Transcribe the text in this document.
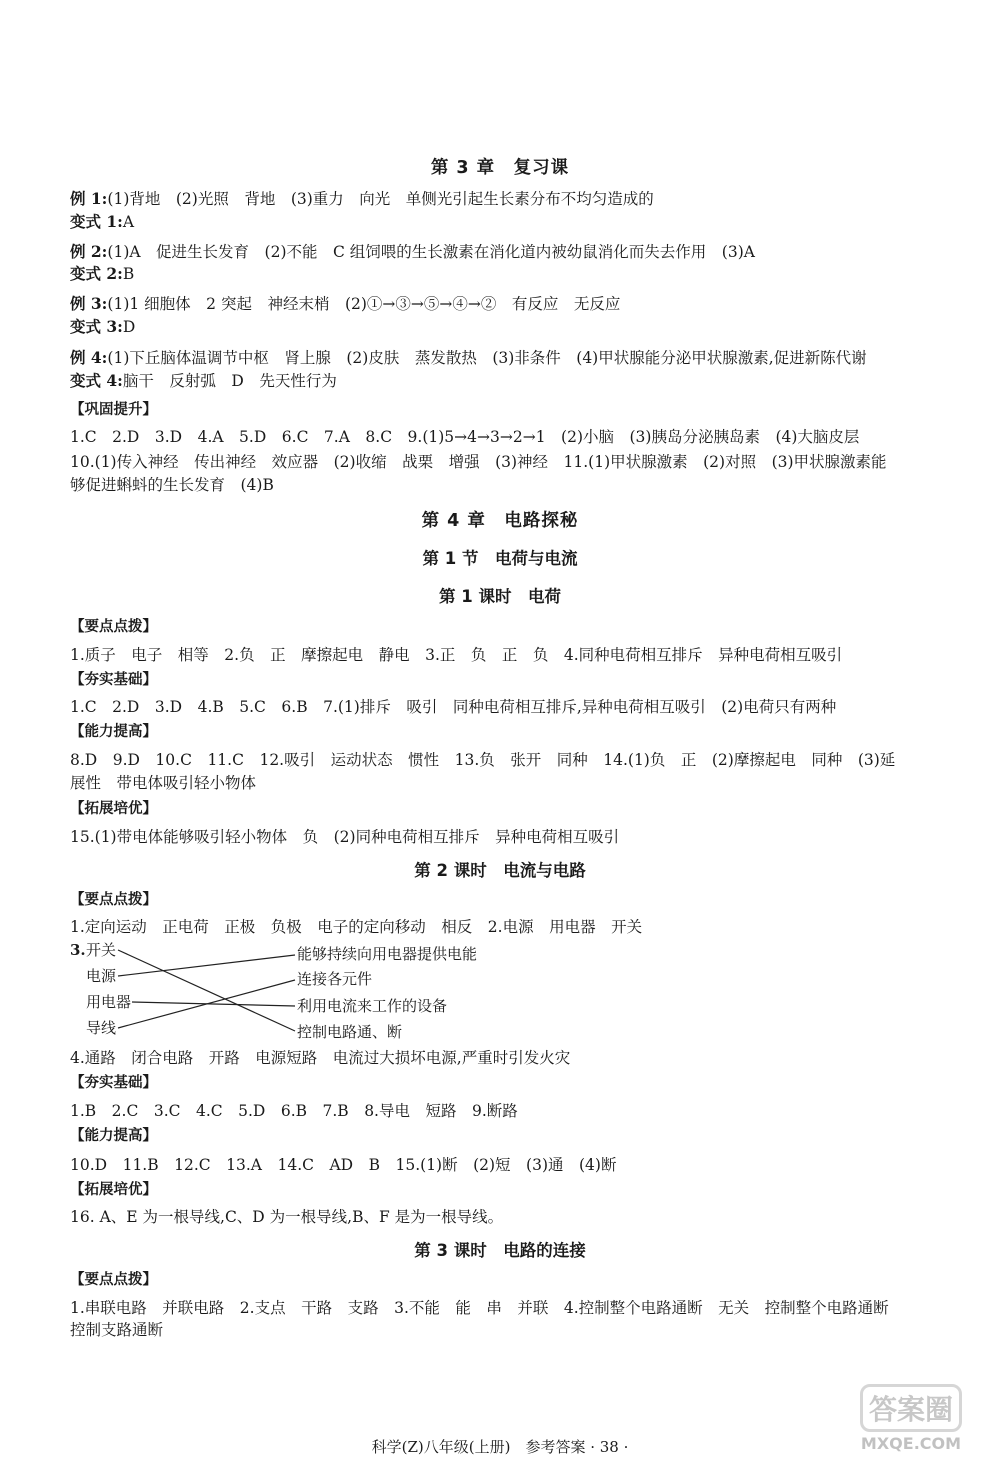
第 3 章　复习课
例 1:(1)背地　(2)光照　背地　(3)重力　向光　单侧光引起生长素分布不均匀造成的
变式 1:A
例 2:(1)A　促进生长发育　(2)不能　C 组饲喂的生长激素在消化道内被幼鼠消化而失去作用　(3)A
变式 2:B
例 3:(1)1 细胞体　2 突起　神经末梢　(2)①→③→⑤→④→②　有反应　无反应
变式 3:D
例 4:(1)下丘脑体温调节中枢　肾上腺　(2)皮肤　蒸发散热　(3)非条件　(4)甲状腺能分泌甲状腺激素,促进新陈代谢
变式 4:脑干　反射弧　D　先天性行为
【巩固提升】
1.C　2.D　3.D　4.A　5.D　6.C　7.A　8.C　9.(1)5→4→3→2→1　(2)小脑　(3)胰岛分泌胰岛素　(4)大脑皮层
10.(1)传入神经　传出神经　效应器　(2)收缩　战栗　增强　(3)神经　11.(1)甲状腺激素　(2)对照　(3)甲状腺激素能
够促进蝌蚪的生长发育　(4)B
第 4 章　电路探秘
第 1 节　电荷与电流
第 1 课时　电荷
【要点点拨】
1.质子　电子　相等　2.负　正　摩擦起电　静电　3.正　负　正　负　4.同种电荷相互排斥　异种电荷相互吸引
【夯实基础】
1.C　2.D　3.D　4.B　5.C　6.B　7.(1)排斥　吸引　同种电荷相互排斥,异种电荷相互吸引　(2)电荷只有两种
【能力提高】
8.D　9.D　10.C　11.C　12.吸引　运动状态　惯性　13.负　张开　同种　14.(1)负　正　(2)摩擦起电　同种　(3)延
展性　带电体吸引轻小物体
【拓展培优】
15.(1)带电体能够吸引轻小物体　负　(2)同种电荷相互排斥　异种电荷相互吸引
第 2 课时　电流与电路
【要点点拨】
1.定向运动　正电荷　正极　负极　电子的定向移动　相反　2.电源　用电器　开关
3. 开关
电源
用电器
导线
能够持续向用电器提供电能
连接各元件
利用电流来工作的设备
控制电路通、断
4.通路　闭合电路　开路　电源短路　电流过大损坏电源,严重时引发火灾
【夯实基础】
1.B　2.C　3.C　4.C　5.D　6.B　7.B　8.导电　短路　9.断路
【能力提高】
10.D　11.B　12.C　13.A　14.C　AD　B　15.(1)断　(2)短　(3)通　(4)断
【拓展培优】
16. A、E 为一根导线,C、D 为一根导线,B、F 是为一根导线。
第 3 课时　电路的连接
【要点点拨】
1.串联电路　并联电路　2.支点　干路　支路　3.不能　能　串　并联　4.控制整个电路通断　无关　控制整个电路通断
控制支路通断
科学(Z)八年级(上册)　参考答案 · 38 ·
答案圈
MXQE.COM
